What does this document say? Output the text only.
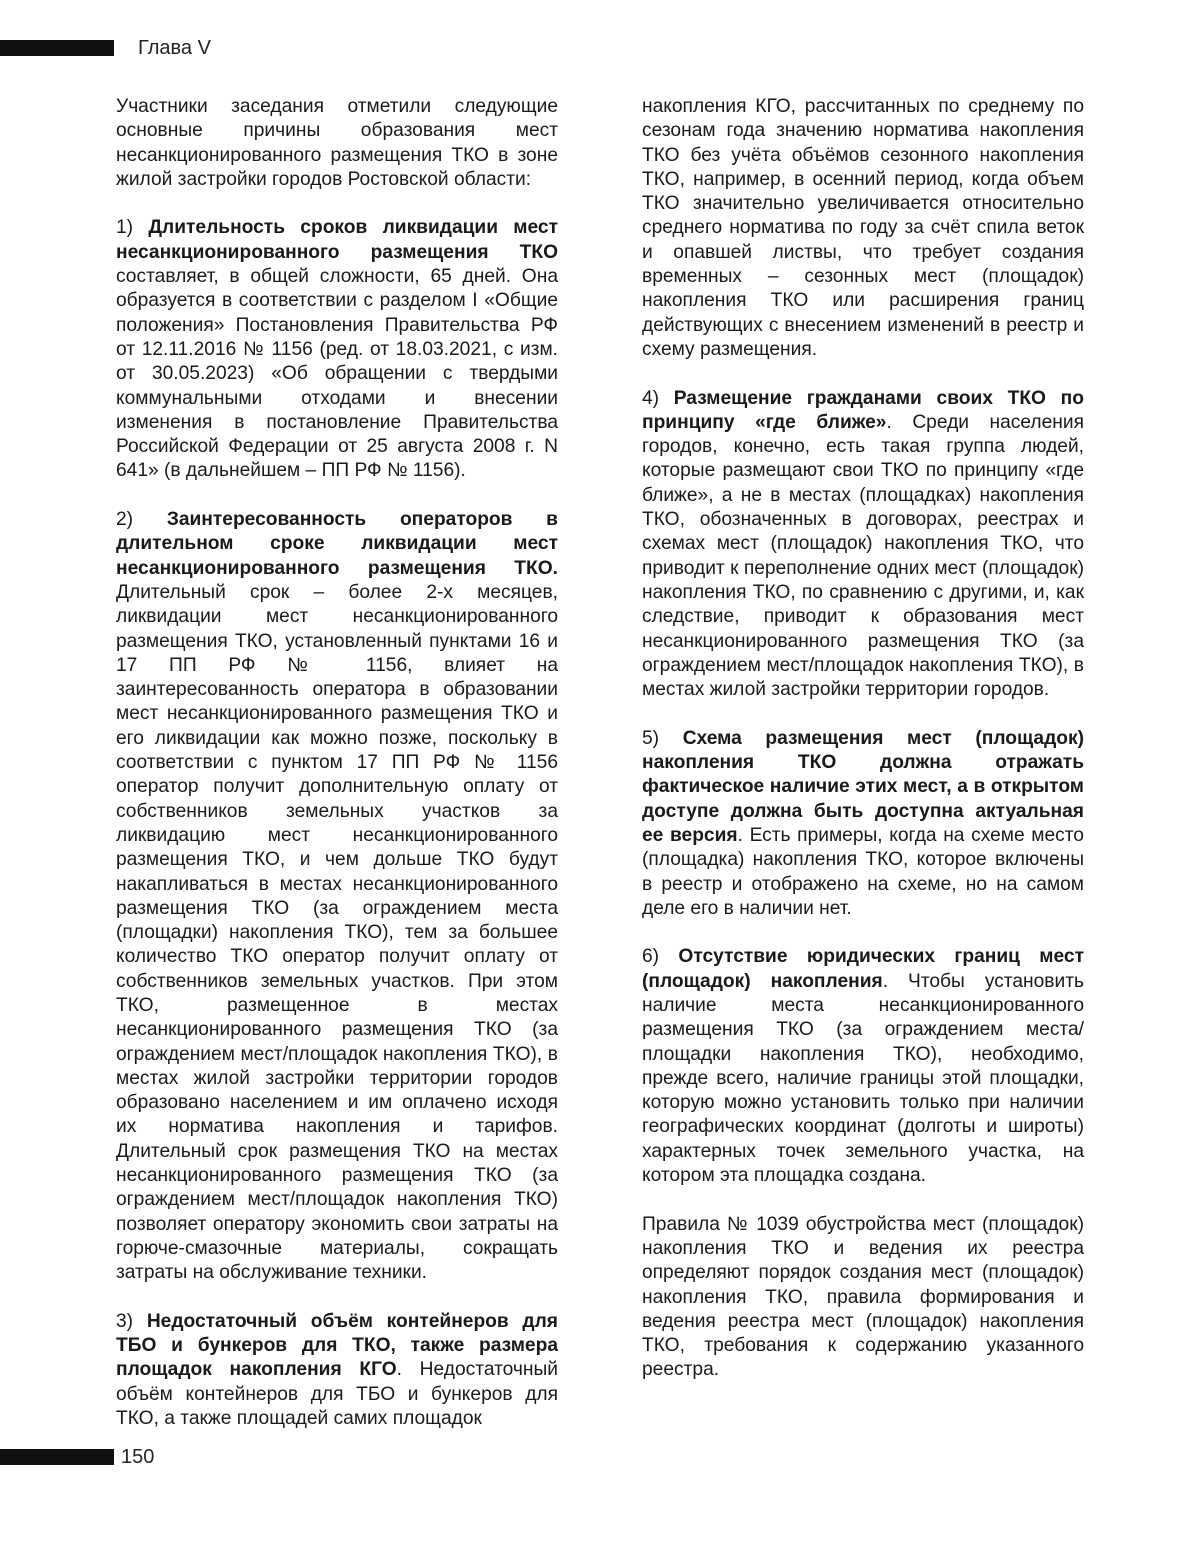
Глава V

Участники заседания отметили следующие основные причины образования мест несанкционированного размещения ТКО в зоне жилой застройки городов Ростовской области:

1) Длительность сроков ликвидации мест несанкционированного размещения ТКО составляет, в общей сложности, 65 дней. Она образуется в соответствии с разделом I «Общие положения» Постановления Правительства РФ от 12.11.2016 № 1156 (ред. от 18.03.2021, с изм. от 30.05.2023) «Об обращении с твердыми коммунальными отходами и внесении изменения в постановление Правительства Российской Федерации от 25 августа 2008 г. N 641» (в дальнейшем – ПП РФ № 1156).

2) Заинтересованность операторов в длительном сроке ликвидации мест несанкционированного размещения ТКО. Длительный срок – более 2-х месяцев, ликвидации мест несанкционированного размещения ТКО, установленный пунктами 16 и 17 ПП РФ № 1156, влияет на заинтересованность оператора в образовании мест несанкционированного размещения ТКО и его ликвидации как можно позже, поскольку в соответствии с пунктом 17 ПП РФ № 1156 оператор получит дополнительную оплату от собственников земельных участков за ликвидацию мест несанкционированного размещения ТКО, и чем дольше ТКО будут накапливаться в местах несанкционированного размещения ТКО (за ограждением места (площадки) накопления ТКО), тем за большее количество ТКО оператор получит оплату от собственников земельных участков. При этом ТКО, размещенное в местах несанкционированного размещения ТКО (за ограждением мест/площадок накопления ТКО), в местах жилой застройки территории городов образовано населением и им оплачено исходя их норматива накопления и тарифов. Длительный срок размещения ТКО на местах несанкционированного размещения ТКО (за ограждением мест/площадок накопления ТКО) позволяет оператору экономить свои затраты на горюче-смазочные материалы, сокращать затраты на обслуживание техники.

3) Недостаточный объём контейнеров для ТБО и бункеров для ТКО, также размера площадок накопления КГО. Недостаточный объём контейнеров для ТБО и бункеров для ТКО, а также площадей самих площадок

накопления КГО, рассчитанных по среднему по сезонам года значению норматива накопления ТКО без учёта объёмов сезонного накопления ТКО, например, в осенний период, когда объем ТКО значительно увеличивается относительно среднего норматива по году за счёт спила веток и опавшей листвы, что требует создания временных – сезонных мест (площадок) накопления ТКО или расширения границ действующих с внесением изменений в реестр и схему размещения.

4) Размещение гражданами своих ТКО по принципу «где ближе». Среди населения городов, конечно, есть такая группа людей, которые размещают свои ТКО по принципу «где ближе», а не в местах (площадках) накопления ТКО, обозначенных в договорах, реестрах и схемах мест (площадок) накопления ТКО, что приводит к переполнение одних мест (площадок) накопления ТКО, по сравнению с другими, и, как следствие, приводит к образования мест несанкционированного размещения ТКО (за ограждением мест/площадок накопления ТКО), в местах жилой застройки территории городов.

5) Схема размещения мест (площадок) накопления ТКО должна отражать фактическое наличие этих мест, а в открытом доступе должна быть доступна актуальная ее версия. Есть примеры, когда на схеме место (площадка) накопления ТКО, которое включены в реестр и отображено на схеме, но на самом деле его в наличии нет.

6) Отсутствие юридических границ мест (площадок) накопления. Чтобы установить наличие места несанкционированного размещения ТКО (за ограждением места/площадки накопления ТКО), необходимо, прежде всего, наличие границы этой площадки, которую можно установить только при наличии географических координат (долготы и широты) характерных точек земельного участка, на котором эта площадка создана.

Правила № 1039 обустройства мест (площадок) накопления ТКО и ведения их реестра определяют порядок создания мест (площадок) накопления ТКО, правила формирования и ведения реестра мест (площадок) накопления ТКО, требования к содержанию указанного реестра.

150
